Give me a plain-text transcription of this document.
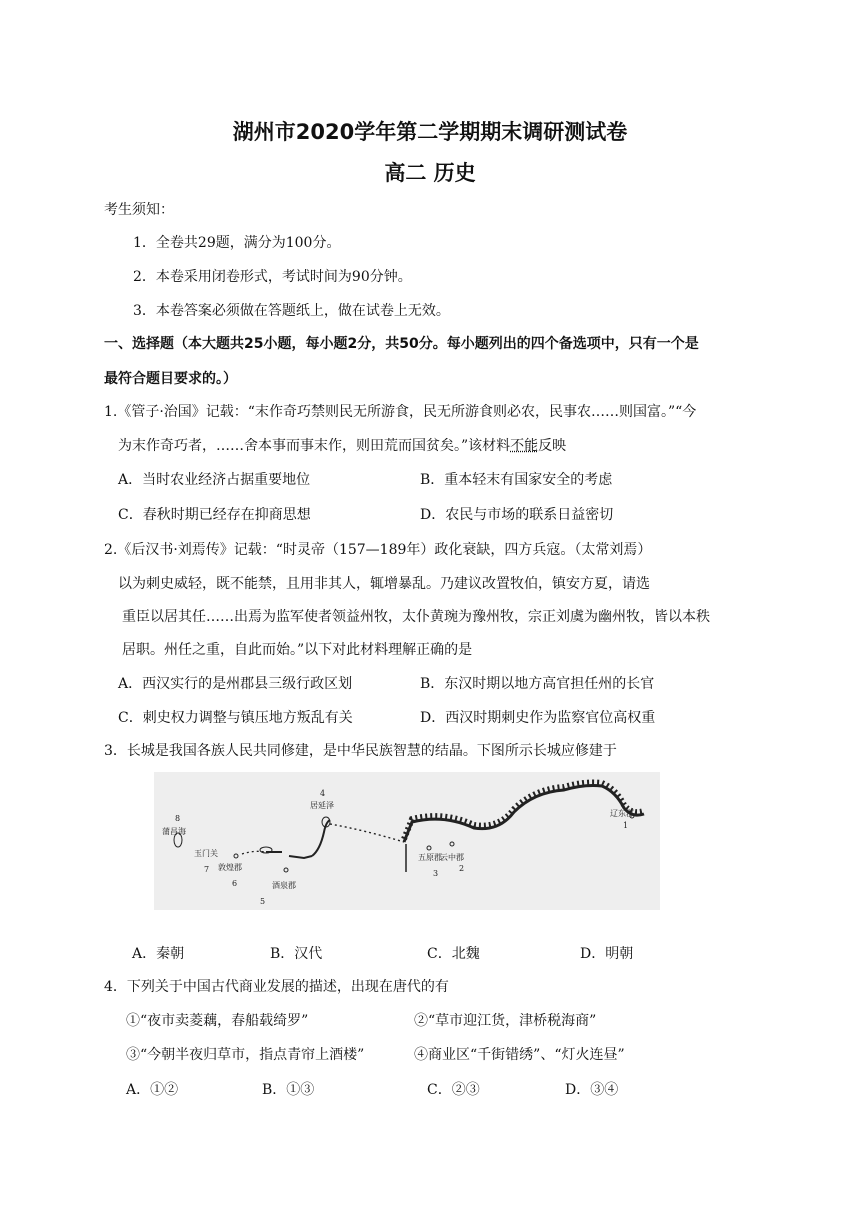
湖州市2020学年第二学期期末调研测试卷
高二 历史
考生须知：
1．全卷共29题，满分为100分。
2．本卷采用闭卷形式，考试时间为90分钟。
3．本卷答案必须做在答题纸上，做在试卷上无效。
一、选择题（本大题共25小题，每小题2分，共50分。每小题列出的四个备选项中，只有一个是
最符合题目要求的。）
1.《管子·治国》记载：“末作奇巧禁则民无所游食，民无所游食则必农，民事农……则国富。”“今
为末作奇巧者，……舍本事而事末作，则田荒而国贫矣。”该材料不能反映
A．当时农业经济占据重要地位	B．重本轻末有国家安全的考虑
C．春秋时期已经存在抑商思想	D．农民与市场的联系日益密切
2.《后汉书·刘焉传》记载：“时灵帝（157—189年）政化衰缺，四方兵寇。（太常刘焉）
以为刺史威轻，既不能禁，且用非其人，辄增暴乱。乃建议改置牧伯，镇安方夏，请选
重臣以居其任……出焉为监军使者领益州牧，太仆黄琬为豫州牧，宗正刘虞为幽州牧，皆以本秩
居职。州任之重，自此而始。”以下对此材料理解正确的是
A．西汉实行的是州郡县三级行政区划	B．东汉时期以地方高官担任州的长官
C．刺史权力调整与镇压地方叛乱有关	D．西汉时期刺史作为监察官位高权重
3．长城是我国各族人民共同修建，是中华民族智慧的结晶。下图所示长城应修建于
辽东郡
1
云中郡
2
五原郡
3
居延泽
4
酒泉郡
5
敦煌郡
6
玉门关
7
蒲昌海
8
A．秦朝	B．汉代	C．北魏	D．明朝
4．下列关于中国古代商业发展的描述，出现在唐代的有
①“夜市卖菱藕，春船载绮罗”	②“草市迎江货，津桥税海商”
③“今朝半夜归草市，指点青帘上酒楼”	④商业区“千街错绣”、“灯火连昼”
A．①②	B．①③	C．②③	D．③④
